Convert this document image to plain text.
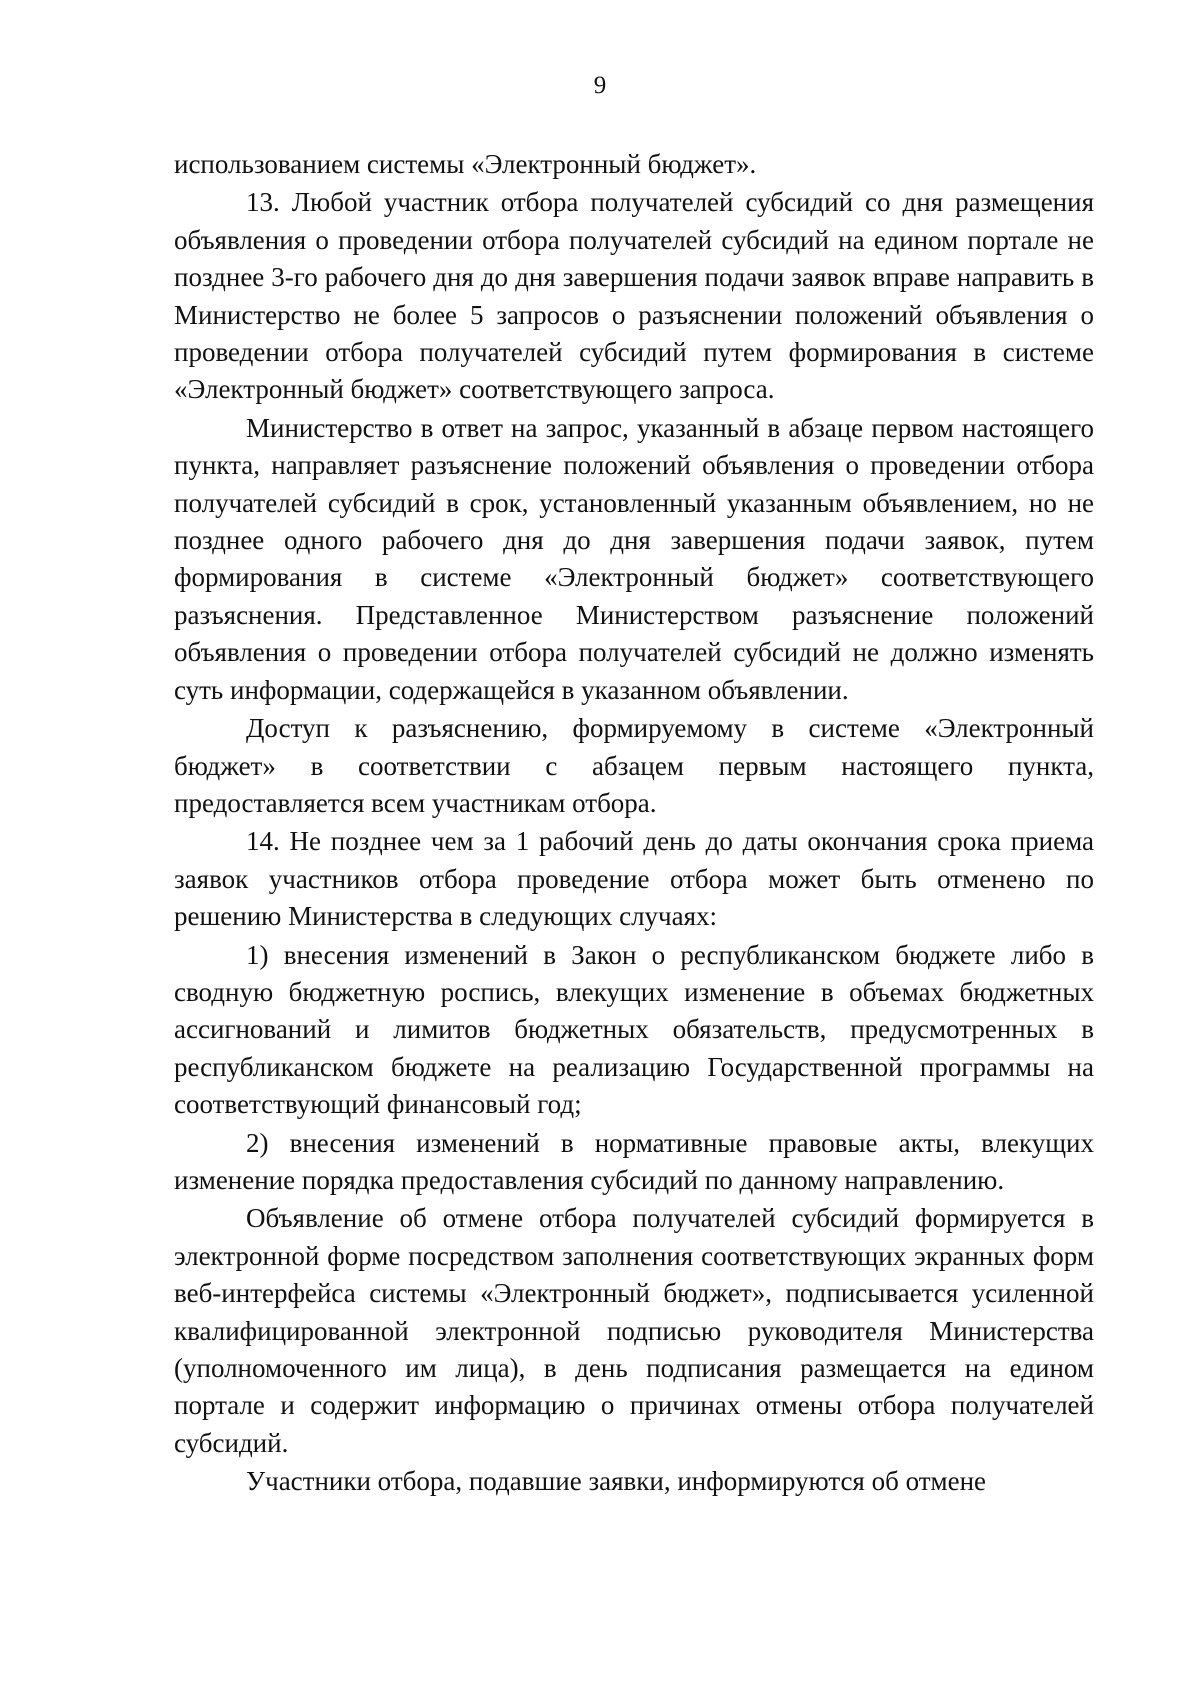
9

использованием системы «Электронный бюджет».

13. Любой участник отбора получателей субсидий со дня размещения объявления о проведении отбора получателей субсидий на едином портале не позднее 3-го рабочего дня до дня завершения подачи заявок вправе направить в Министерство не более 5 запросов о разъяснении положений объявления о проведении отбора получателей субсидий путем формирования в системе «Электронный бюджет» соответствующего запроса.

Министерство в ответ на запрос, указанный в абзаце первом настоящего пункта, направляет разъяснение положений объявления о проведении отбора получателей субсидий в срок, установленный указанным объявлением, но не позднее одного рабочего дня до дня завершения подачи заявок, путем формирования в системе «Электронный бюджет» соответствующего разъяснения. Представленное Министерством разъяснение положений объявления о проведении отбора получателей субсидий не должно изменять суть информации, содержащейся в указанном объявлении.

Доступ к разъяснению, формируемому в системе «Электронный бюджет» в соответствии с абзацем первым настоящего пункта, предоставляется всем участникам отбора.

14. Не позднее чем за 1 рабочий день до даты окончания срока приема заявок участников отбора проведение отбора может быть отменено по решению Министерства в следующих случаях:

1) внесения изменений в Закон о республиканском бюджете либо в сводную бюджетную роспись, влекущих изменение в объемах бюджетных ассигнований и лимитов бюджетных обязательств, предусмотренных в республиканском бюджете на реализацию Государственной программы на соответствующий финансовый год;

2) внесения изменений в нормативные правовые акты, влекущих изменение порядка предоставления субсидий по данному направлению.

Объявление об отмене отбора получателей субсидий формируется в электронной форме посредством заполнения соответствующих экранных форм веб-интерфейса системы «Электронный бюджет», подписывается усиленной квалифицированной электронной подписью руководителя Министерства (уполномоченного им лица), в день подписания размещается на едином портале и содержит информацию о причинах отмены отбора получателей субсидий.

Участники отбора, подавшие заявки, информируются об отмене
